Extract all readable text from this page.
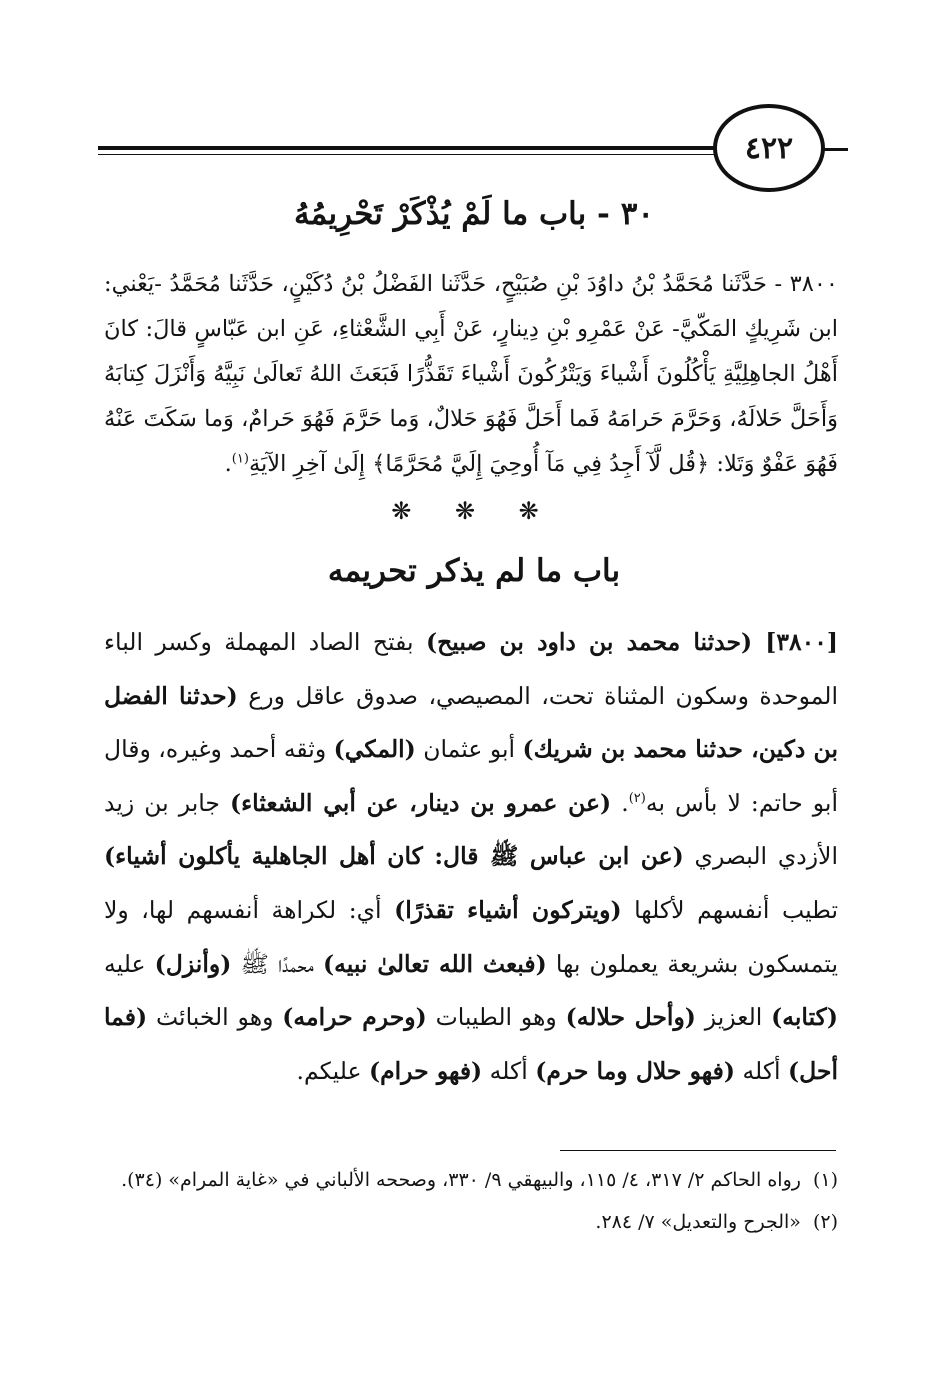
٤٢٢
٣٠ - باب ما لَمْ يُذْكَرْ تَحْرِيمُهُ
٣٨٠٠ - حَدَّثَنا مُحَمَّدُ بْنُ داوُدَ بْنِ صُبَيْحٍ، حَدَّثَنا الفَضْلُ بْنُ دُكَيْنٍ، حَدَّثَنا مُحَمَّدُ -يَعْني: ابن شَرِيكٍ المَكّيَّ- عَنْ عَمْرِو بْنِ دِينارٍ، عَنْ أَبِي الشَّعْثاءِ، عَنِ ابن عَبّاسٍ قالَ: كانَ أَهْلُ الجاهِلِيَّةِ يَأْكُلُونَ أَشْياءَ وَيَتْرُكُونَ أَشْياءَ تَقَذُّرًا فَبَعَثَ اللهُ تَعالَىٰ نَبِيَّهُ وَأَنْزَلَ كِتابَهُ وَأَحَلَّ حَلالَهُ، وَحَرَّمَ حَرامَهُ فَما أَحَلَّ فَهُوَ حَلالٌ، وَما حَرَّمَ فَهُوَ حَرامٌ، وَما سَكَتَ عَنْهُ فَهُوَ عَفْوٌ وَتَلا: ﴿قُل لَّآ أَجِدُ فِي مَآ أُوحِيَ إِلَيَّ مُحَرَّمًا﴾ إِلَىٰ آخِرِ الآيَةِ$^{(١)}$.
❋ ❋ ❋
باب ما لم يذكر تحريمه
[٣٨٠٠] (حدثنا محمد بن داود بن صبيح) بفتح الصاد المهملة وكسر الباء الموحدة وسكون المثناة تحت، المصيصي، صدوق عاقل ورع (حدثنا الفضل بن دكين، حدثنا محمد بن شريك) أبو عثمان (المكي) وثقه أحمد وغيره، وقال أبو حاتم: لا بأس به$^{(٢)}$. (عن عمرو بن دينار، عن أبي الشعثاء) جابر بن زيد الأزدي البصري (عن ابن عباس ﷺ قال: كان أهل الجاهلية يأكلون أشياء) تطيب أنفسهم لأكلها (ويتركون أشياء تقذرًا) أي: لكراهة أنفسهم لها، ولا يتمسكون بشريعة يعملون بها (فبعث الله تعالىٰ نبيه) محمدًا ﷺ (وأنزل) عليه (كتابه) العزيز (وأحل حلاله) وهو الطيبات (وحرم حرامه) وهو الخبائث (فما أحل) أكله (فهو حلال وما حرم) أكله (فهو حرام) عليكم.
(١)
رواه الحاكم ٢/ ٣١٧، ٤/ ١١٥، والبيهقي ٩/ ٣٣٠، وصححه الألباني في «غاية المرام» (٣٤).
(٢)
«الجرح والتعديل» ٧/ ٢٨٤.
